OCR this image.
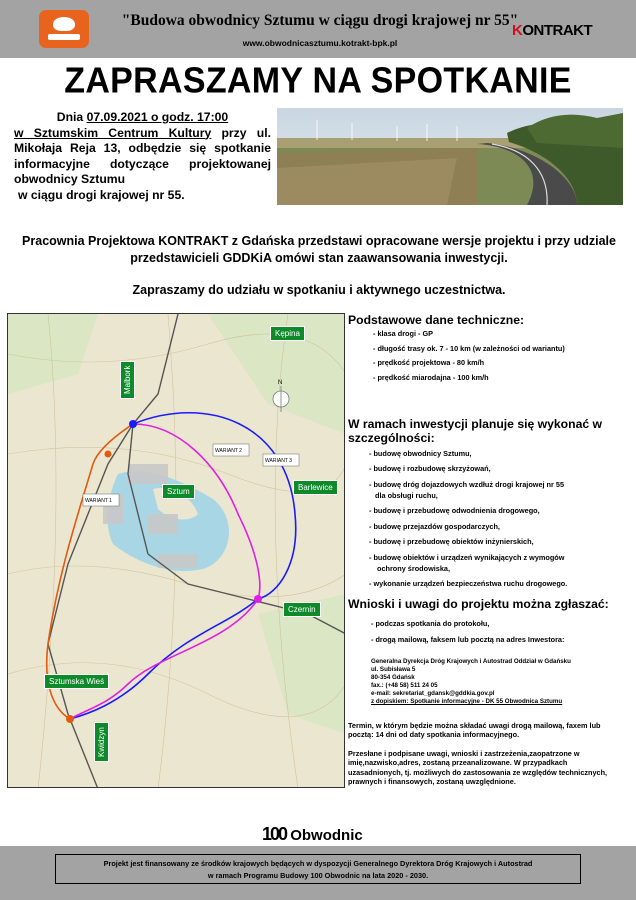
"Budowa obwodnicy Sztumu w ciągu drogi krajowej nr 55"
www.obwodnicasztumu.kotrakt-bpk.pl
KONTRAKT
ZAPRASZAMY NA SPOTKANIE
Dnia 07.09.2021 o godz. 17:00
w Sztumskim Centrum Kultury przy ul. Mikołaja Reja 13, odbędzie się spotkanie informacyjne dotyczące projektowanej obwodnicy Sztumu
w ciągu drogi krajowej nr 55.
Pracownia Projektowa KONTRAKT z Gdańska przedstawi opracowane wersje projektu i przy udziale przedstawicieli GDDKiA omówi stan zaawansowania inwestycji.
Zapraszamy do udziału w spotkaniu i aktywnego uczestnictwa.
N
WARIANT 2
WARIANT 3
WARIANT 1
Kępina
Malbork
Sztum	Barlewice
Czernin
Sztumska Wieś
Kwidzyn
Podstawowe dane techniczne:
- klasa drogi - GP
- długość trasy ok. 7 - 10 km (w zależności od wariantu)
- prędkość projektowa - 80 km/h
- prędkość miarodajna - 100 km/h
W ramach inwestycji planuje się wykonać w szczególności:
- budowę obwodnicy Sztumu,
- budowę i rozbudowę skrzyżowań,
- budowę dróg dojazdowych wzdłuż drogi krajowej nr 55
dla obsługi ruchu,
- budowę i przebudowę odwodnienia drogowego,
- budowę przejazdów gospodarczych,
- budowę i przebudowę obiektów inżynierskich,
- budowę obiektów i urządzeń wynikających z wymogów
ochrony środowiska,
- wykonanie urządzeń bezpieczeństwa ruchu drogowego.
Wnioski i uwagi do projektu można zgłaszać:
- podczas spotkania do protokołu,
- drogą mailową, faksem lub pocztą na adres Inwestora:
Generalna Dyrekcja Dróg Krajowych i Autostrad Oddział w Gdańsku
ul. Subisława 5
80-354 Gdańsk
fax.: (+48 58) 511 24 05
e-mail: sekretariat_gdansk@gddkia.gov.pl
z dopiskiem: Spotkanie informacyjne - DK 55 Obwodnica Sztumu
Termin, w którym będzie można składać uwagi drogą mailową, faxem lub pocztą: 14 dni od daty spotkania informacyjnego.
Przesłane i podpisane uwagi, wnioski i zastrzeżenia,zaopatrzone w imię,nazwisko,adres, zostaną przeanalizowane. W przypadkach uzasadnionych, tj. możliwych do zastosowania ze względów technicznych, prawnych i finansowych, zostaną uwzględnione.
100 Obwodnic
Projekt jest finansowany ze środków krajowych będących w dyspozycji Generalnego Dyrektora Dróg Krajowych i Autostrad
w ramach Programu Budowy 100 Obwodnic na lata 2020 - 2030.
